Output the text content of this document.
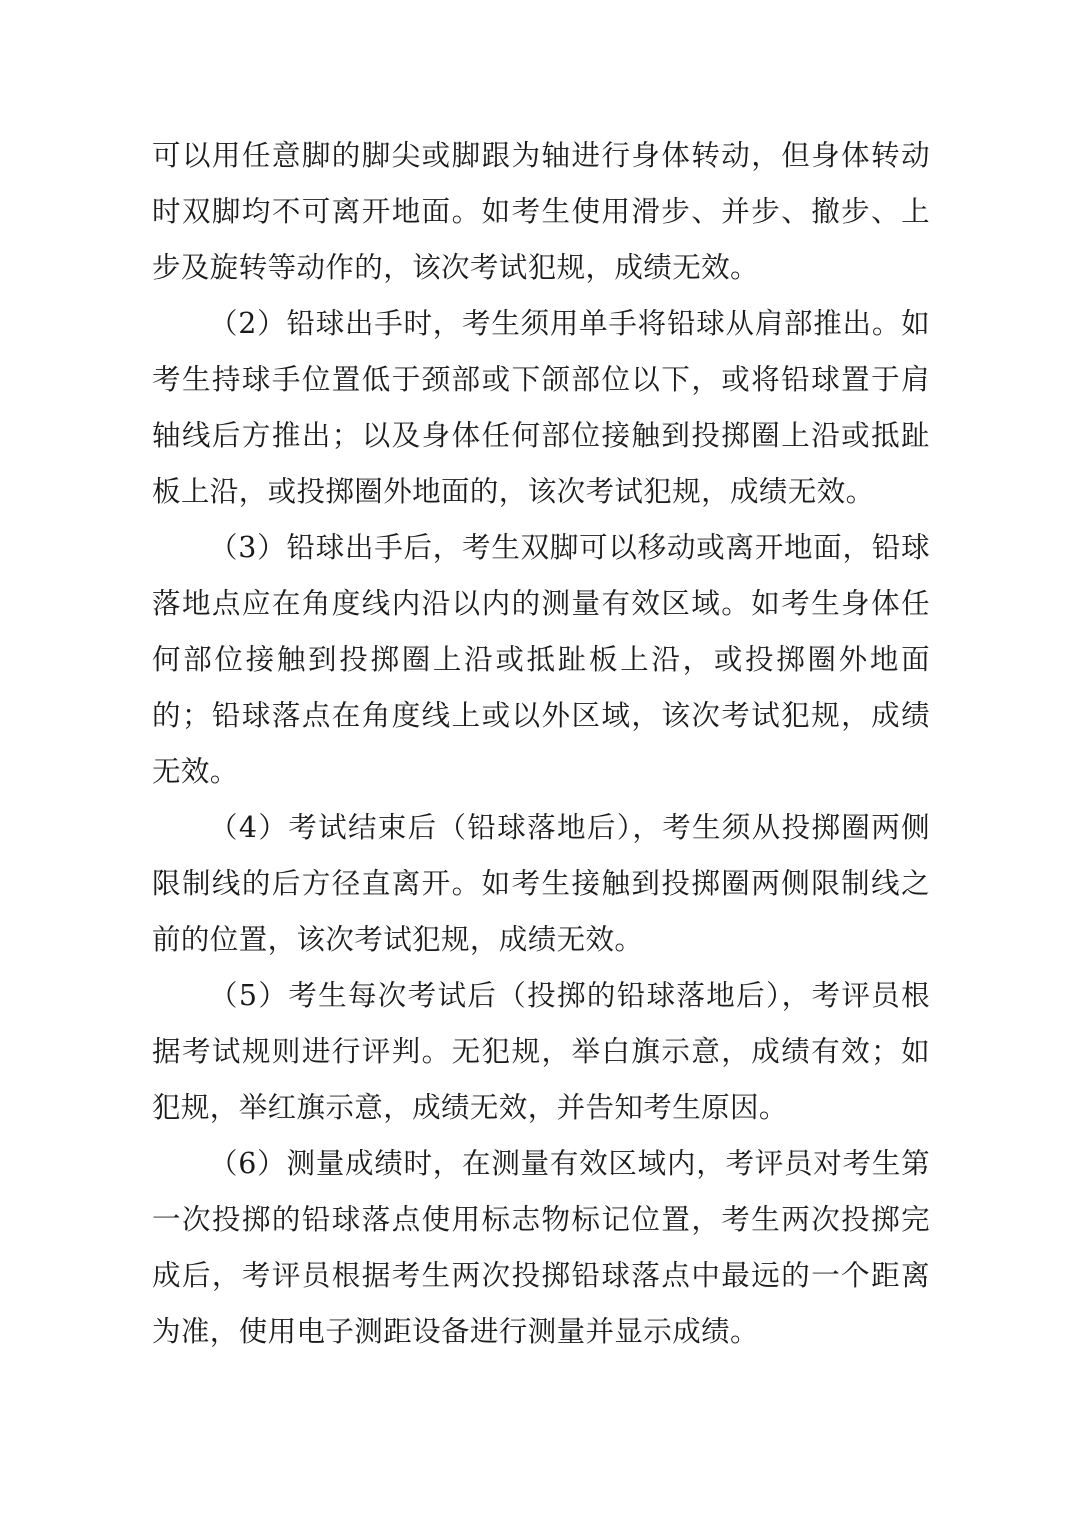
可以用任意脚的脚尖或脚跟为轴进行身体转动，但身体转动时双脚均不可离开地面。如考生使用滑步、并步、撤步、上步及旋转等动作的，该次考试犯规，成绩无效。

（2）铅球出手时，考生须用单手将铅球从肩部推出。如考生持球手位置低于颈部或下颌部位以下，或将铅球置于肩轴线后方推出；以及身体任何部位接触到投掷圈上沿或抵趾板上沿，或投掷圈外地面的，该次考试犯规，成绩无效。

（3）铅球出手后，考生双脚可以移动或离开地面，铅球落地点应在角度线内沿以内的测量有效区域。如考生身体任何部位接触到投掷圈上沿或抵趾板上沿，或投掷圈外地面的；铅球落点在角度线上或以外区域，该次考试犯规，成绩无效。

（4）考试结束后（铅球落地后），考生须从投掷圈两侧限制线的后方径直离开。如考生接触到投掷圈两侧限制线之前的位置，该次考试犯规，成绩无效。

（5）考生每次考试后（投掷的铅球落地后），考评员根据考试规则进行评判。无犯规，举白旗示意，成绩有效；如犯规，举红旗示意，成绩无效，并告知考生原因。

（6）测量成绩时，在测量有效区域内，考评员对考生第一次投掷的铅球落点使用标志物标记位置，考生两次投掷完成后，考评员根据考生两次投掷铅球落点中最远的一个距离为准，使用电子测距设备进行测量并显示成绩。
